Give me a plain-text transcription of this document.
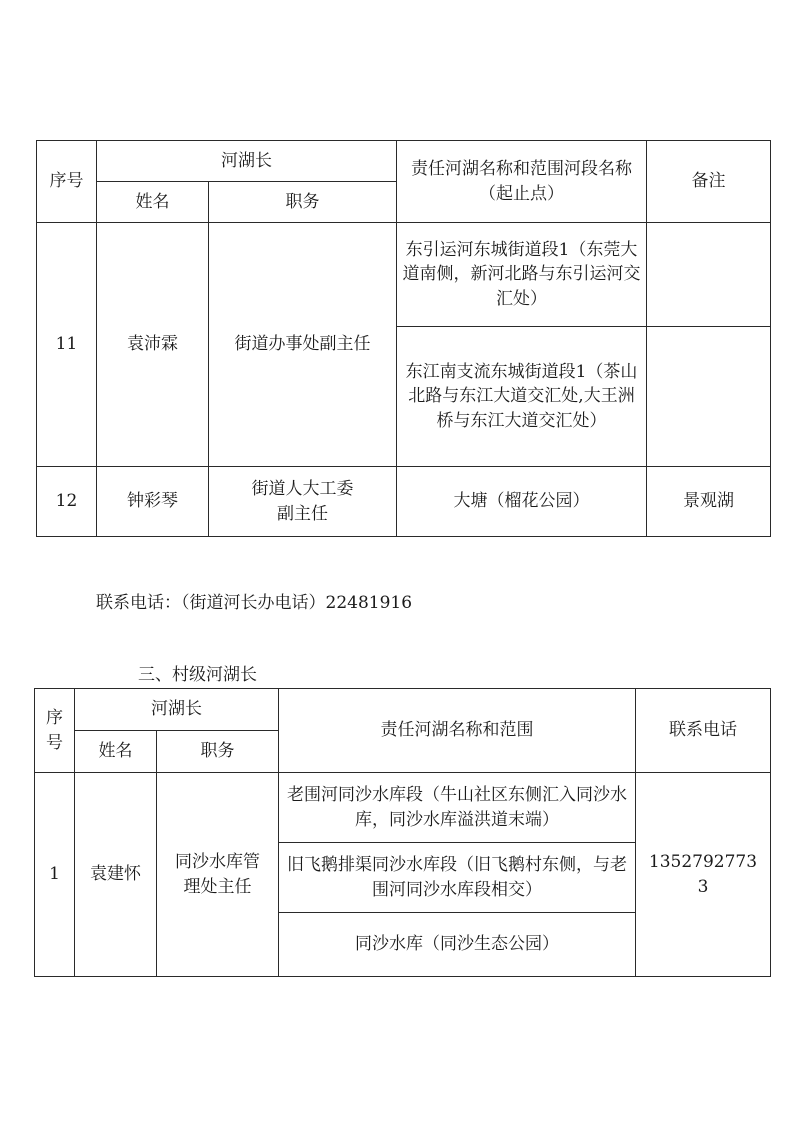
序号	河湖长		责任河湖名称和范围河段名称（起止点）	备注
	姓名	职务		
11	袁沛霖	街道办事处副主任	东引运河东城街道段1（东莞大道南侧，新河北路与东引运河交汇处）	
			东江南支流东城街道段1（茶山北路与东江大道交汇处,大王洲桥与东江大道交汇处）	
12	钟彩琴	街道人大工委副主任	大塘（榴花公园）	景观湖
联系电话：（街道河长办电话）22481916
三、村级河湖长
序号	河湖长		责任河湖名称和范围	联系电话
	姓名	职务		
1	袁建怀	同沙水库管理处主任	老围河同沙水库段（牛山社区东侧汇入同沙水库，同沙水库溢洪道末端）	13527927733
			旧飞鹅排渠同沙水库段（旧飞鹅村东侧，与老围河同沙水库段相交）	
			同沙水库（同沙生态公园）	
